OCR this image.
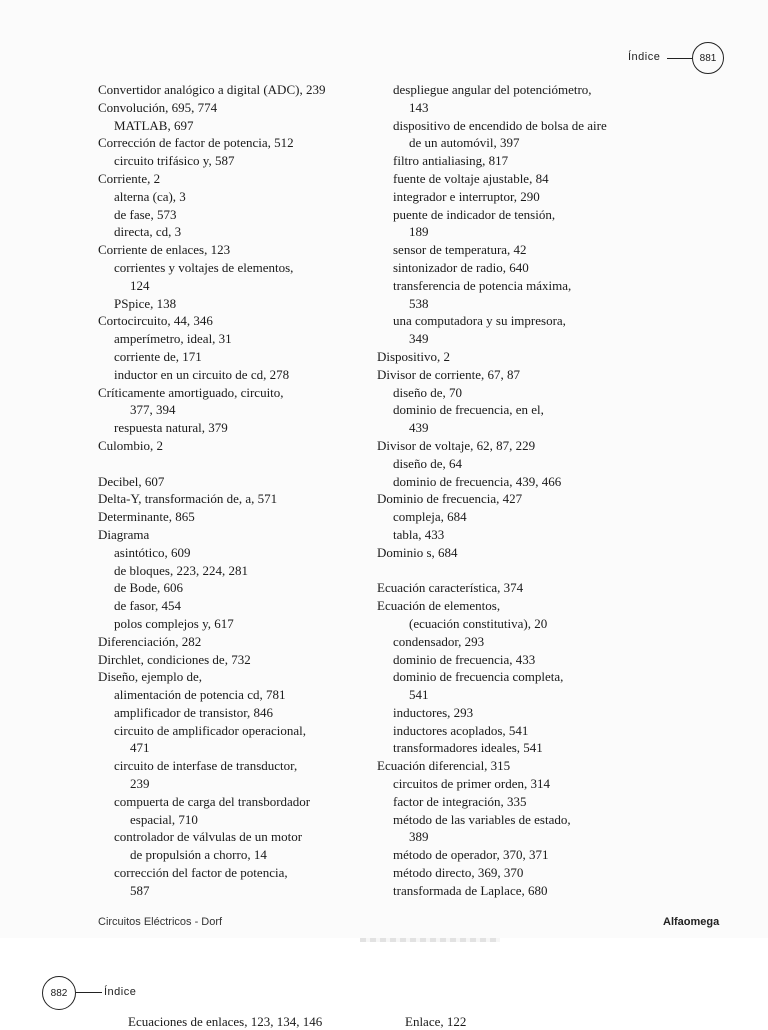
Índice	881
Convertidor analógico a digital (ADC), 239
Convolución, 695, 774
MATLAB, 697
Corrección de factor de potencia, 512
circuito trifásico y, 587
Corriente, 2
alterna (ca), 3
de fase, 573
directa, cd, 3
Corriente de enlaces, 123
corrientes y voltajes de elementos,
124
PSpice, 138
Cortocircuito, 44, 346
amperímetro, ideal, 31
corriente de, 171
inductor en un circuito de cd, 278
Críticamente amortiguado, circuito,
377, 394
respuesta natural, 379
Culombio, 2
Decibel, 607
Delta-Y, transformación de, a, 571
Determinante, 865
Diagrama
asintótico, 609
de bloques, 223, 224, 281
de Bode, 606
de fasor, 454
polos complejos y, 617
Diferenciación, 282
Dirchlet, condiciones de, 732
Diseño, ejemplo de,
alimentación de potencia cd, 781
amplificador de transistor, 846
circuito de amplificador operacional,
471
circuito de interfase de transductor,
239
compuerta de carga del transbordador
espacial, 710
controlador de válvulas de un motor
de propulsión a chorro, 14
corrección del factor de potencia,
587
despliegue angular del potenciómetro,
143
dispositivo de encendido de bolsa de aire
de un automóvil, 397
filtro antialiasing, 817
fuente de voltaje ajustable, 84
integrador e interruptor, 290
puente de indicador de tensión,
189
sensor de temperatura, 42
sintonizador de radio, 640
transferencia de potencia máxima,
538
una computadora y su impresora,
349
Dispositivo, 2
Divisor de corriente, 67, 87
diseño de, 70
dominio de frecuencia, en el,
439
Divisor de voltaje, 62, 87, 229
diseño de, 64
dominio de frecuencia, 439, 466
Dominio de frecuencia, 427
compleja, 684
tabla, 433
Dominio s, 684
Ecuación característica, 374
Ecuación de elementos,
(ecuación constitutiva), 20
condensador, 293
dominio de frecuencia, 433
dominio de frecuencia completa,
541
inductores, 293
inductores acoplados, 541
transformadores ideales, 541
Ecuación diferencial, 315
circuitos de primer orden, 314
factor de integración, 335
método de las variables de estado,
389
método de operador, 370, 371
método directo, 369, 370
transformada de Laplace, 680
Circuitos Eléctricos - Dorf	Alfaomega
882	Índice
Ecuaciones de enlaces, 123, 134, 146	Enlace, 122
